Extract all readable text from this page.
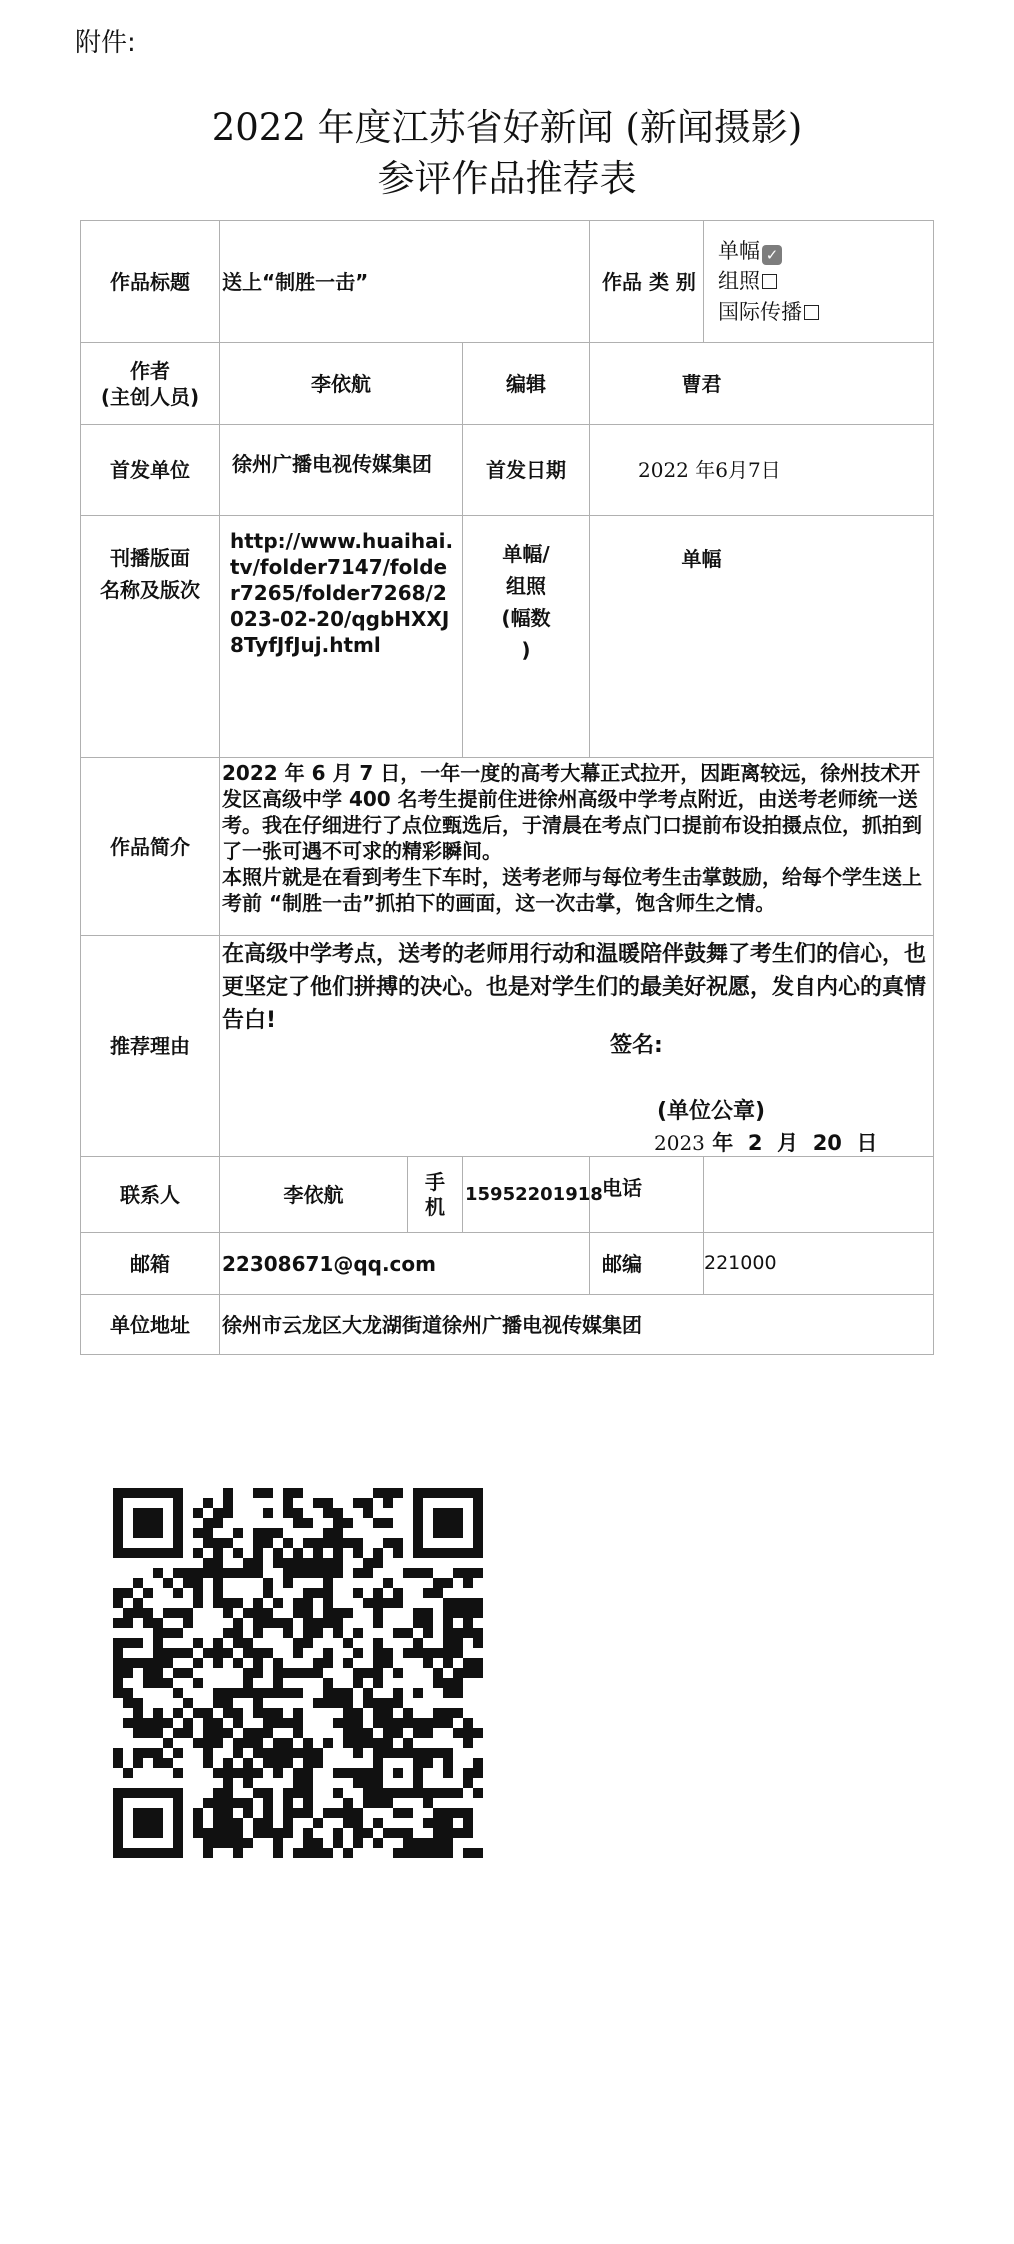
附件:
2022 年度江苏省好新闻 (新闻摄影)
参评作品推荐表
作品标题	送上“制胜一击”			作品 类 别	单幅 ✓
组照
国际传播

作者
(主创人员)	李依航		编辑	曹君	
首发单位	徐州广播电视传媒集团		首发日期	2022 年6月7日	
刊播版面
名称及版次	http://www.huaihai.tv/folder7147/folder7265/folder7268/2023-02-20/qgbHXXJ8TyfJfJuj.html		单幅/
组照
(幅数
)	单幅	
作品简介	2022 年 6 月 7 日，一年一度的高考大幕正式拉开，因距离较远，徐州技术开发区高级中学 400 名考生提前住进徐州高级中学考点附近，由送考老师统一送考。我在仔细进行了点位甄选后，于清晨在考点门口提前布设拍摄点位，抓拍到了一张可遇不可求的精彩瞬间。
本照片就是在看到考生下车时，送考老师与每位考生击掌鼓励，给每个学生送上考前 “制胜一击”抓拍下的画面，这一次击掌，饱含师生之情。				

推荐理由	在高级中学考点，送考的老师用行动和温暖陪伴鼓舞了考生们的信心，也更坚定了他们拼搏的决心。也是对学生们的最美好祝愿，发自内心的真情告白!
签名:
(单位公章)
2023 年  2  月  20  日				

联系人	李依航	手
机	15952201918	电话	
邮箱	22308671@qq.com			邮编	221000
单位地址	徐州市云龙区大龙湖街道徐州广播电视传媒集团				
